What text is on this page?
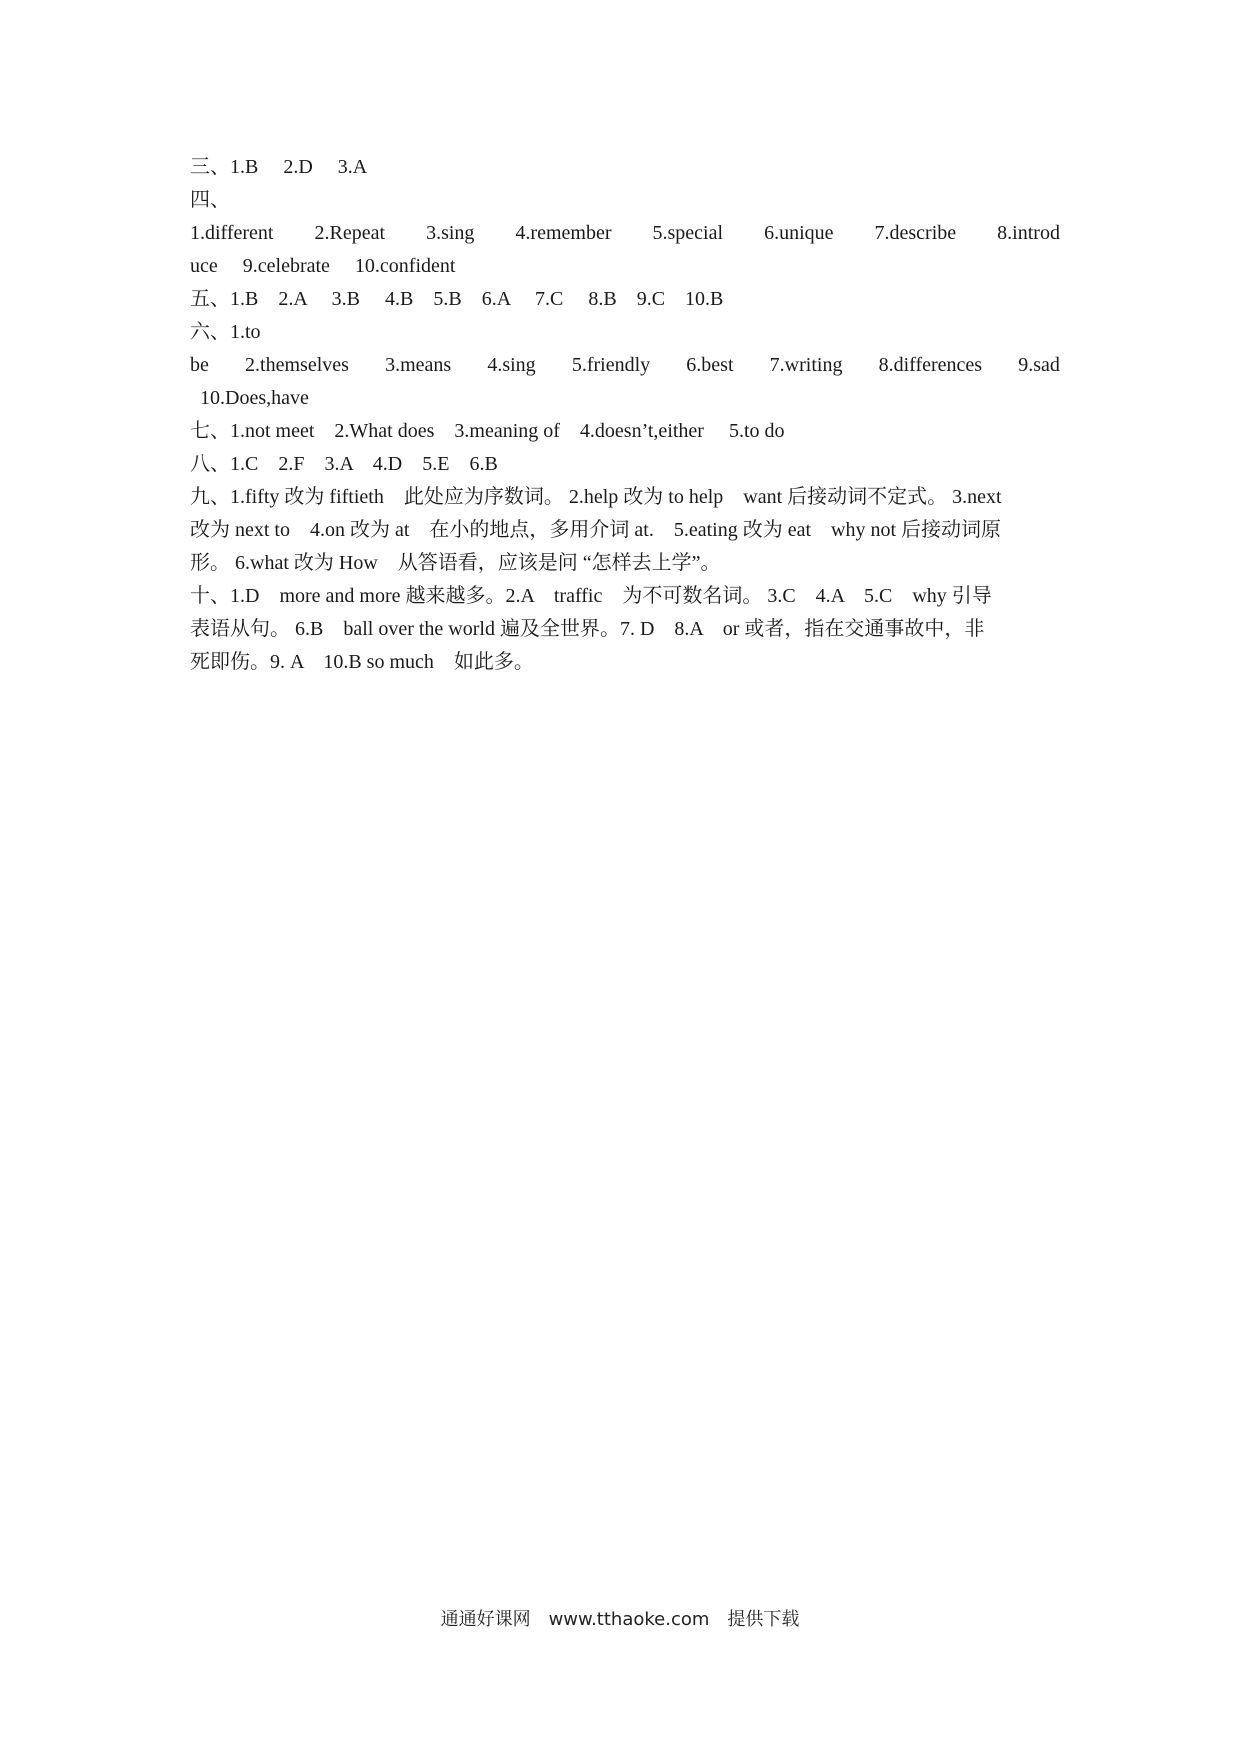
三、1.B　 2.D　 3.A
四、
1.different 2.Repeat 3.sing 4.remember 5.special 6.unique 7.describe 8.introd
uce　 9.celebrate　 10.confident
五、1.B　2.A　 3.B　 4.B　5.B　6.A　 7.C　 8.B　9.C　10.B
六、1.to
be 2.themselves 3.means 4.sing 5.friendly 6.best 7.writing 8.differences 9.sad
10.Does,have
七、1.not meet　2.What does　3.meaning of　4.doesn’t,either　 5.to do
八、1.C　2.F　3.A　4.D　5.E　6.B
九、1.fifty 改为 fiftieth　此处应为序数词。 2.help 改为 to help　want 后接动词不定式。 3.next
改为 next to　4.on 改为 at　在小的地点，多用介词 at.　5.eating 改为 eat　why not 后接动词原
形。 6.what 改为 How　从答语看，应该是问 “怎样去上学”。
十、1.D　more and more 越来越多。2.A　traffic　为不可数名词。 3.C　4.A　5.C　why 引导
表语从句。 6.B　ball over the world 遍及全世界。7. D　8.A　or 或者，指在交通事故中，非
死即伤。9. A　10.B so much　如此多。
通通好课网　www.tthaoke.com　提供下载
